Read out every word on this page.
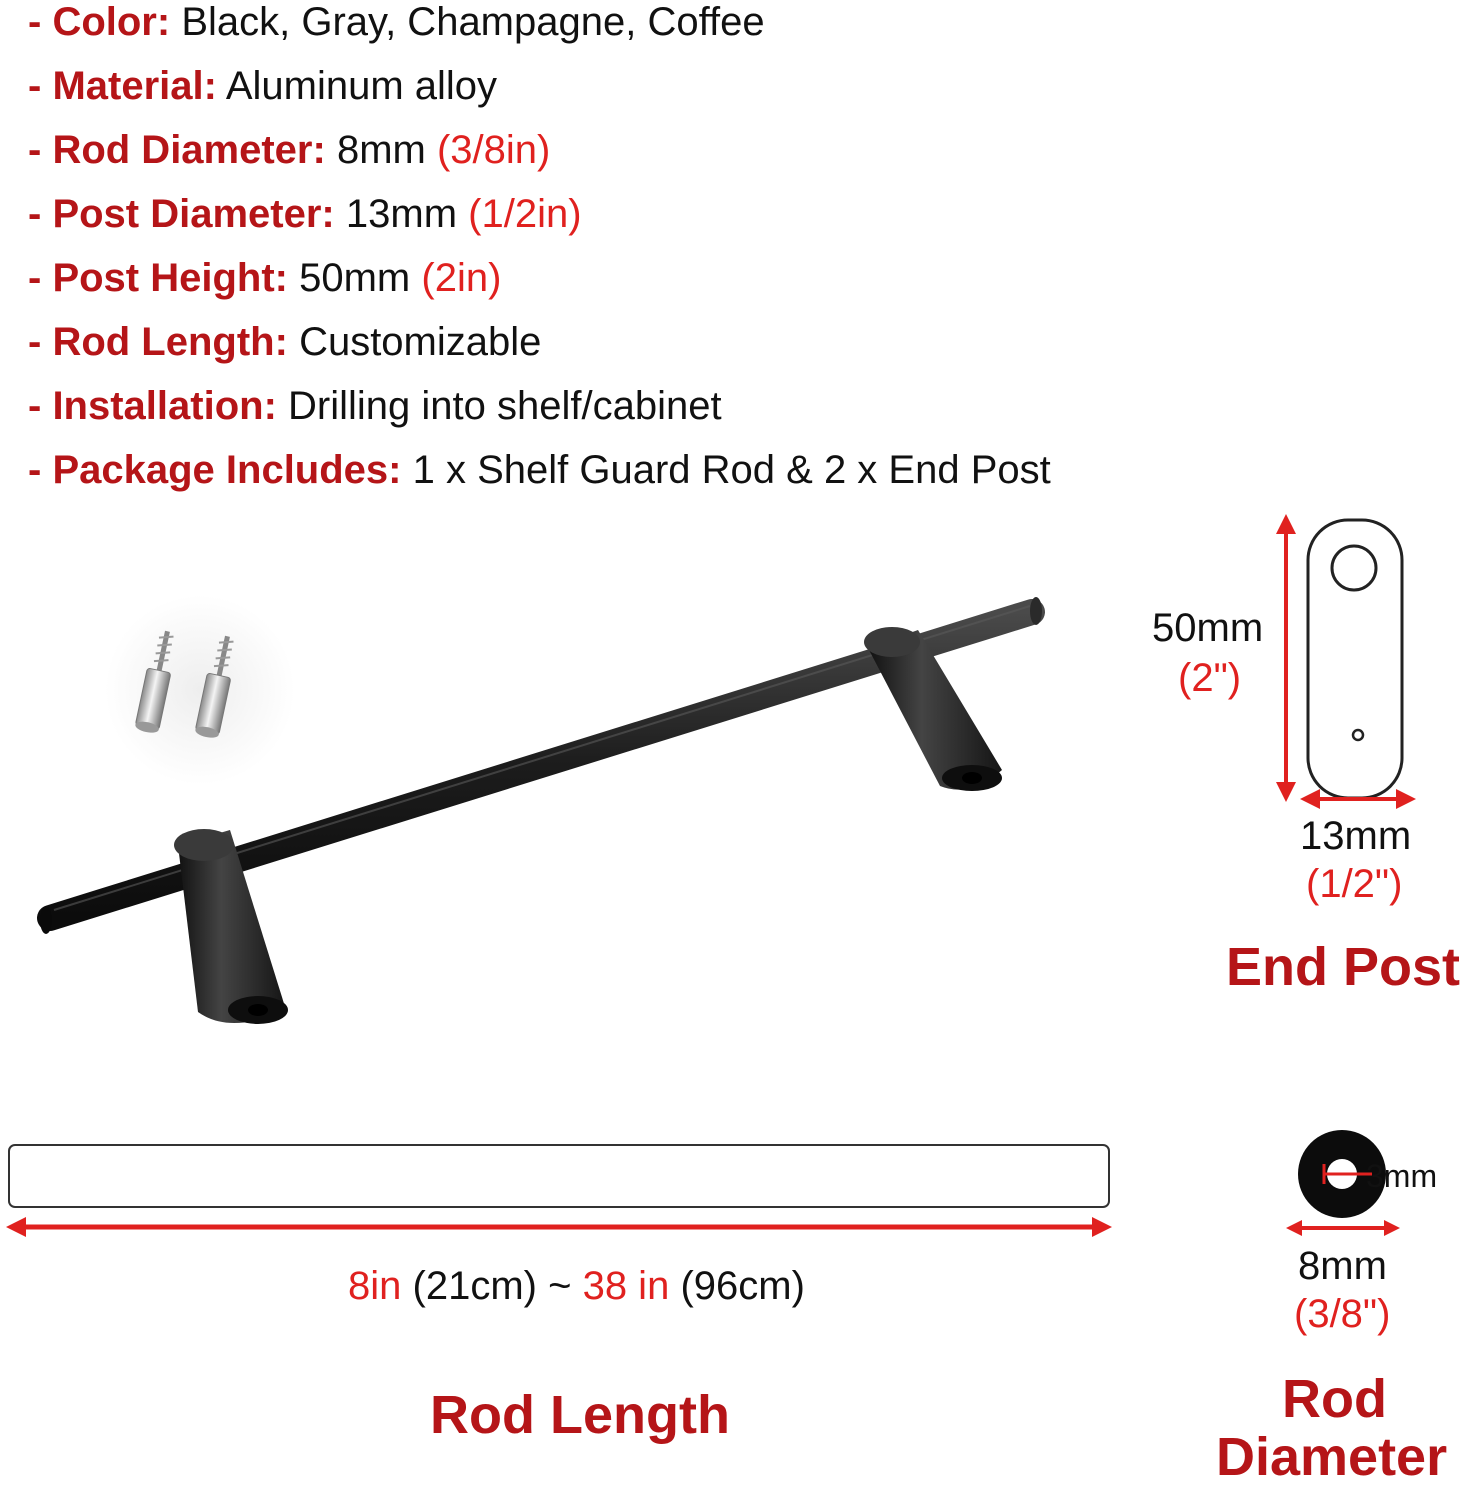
- Color: Black, Gray, Champagne, Coffee
- Material: Aluminum alloy
- Rod Diameter: 8mm (3/8in)
- Post Diameter: 13mm (1/2in)
- Post Height: 50mm (2in)
- Rod Length: Customizable
- Installation: Drilling into shelf/cabinet
- Package Includes: 1 x Shelf Guard Rod & 2 x End Post
50mm
(2")
13mm
(1/2")
End Post
8in (21cm) ~ 38 in (96cm)
Rod Length
3mm
8mm
(3/8")
Rod
Diameter
